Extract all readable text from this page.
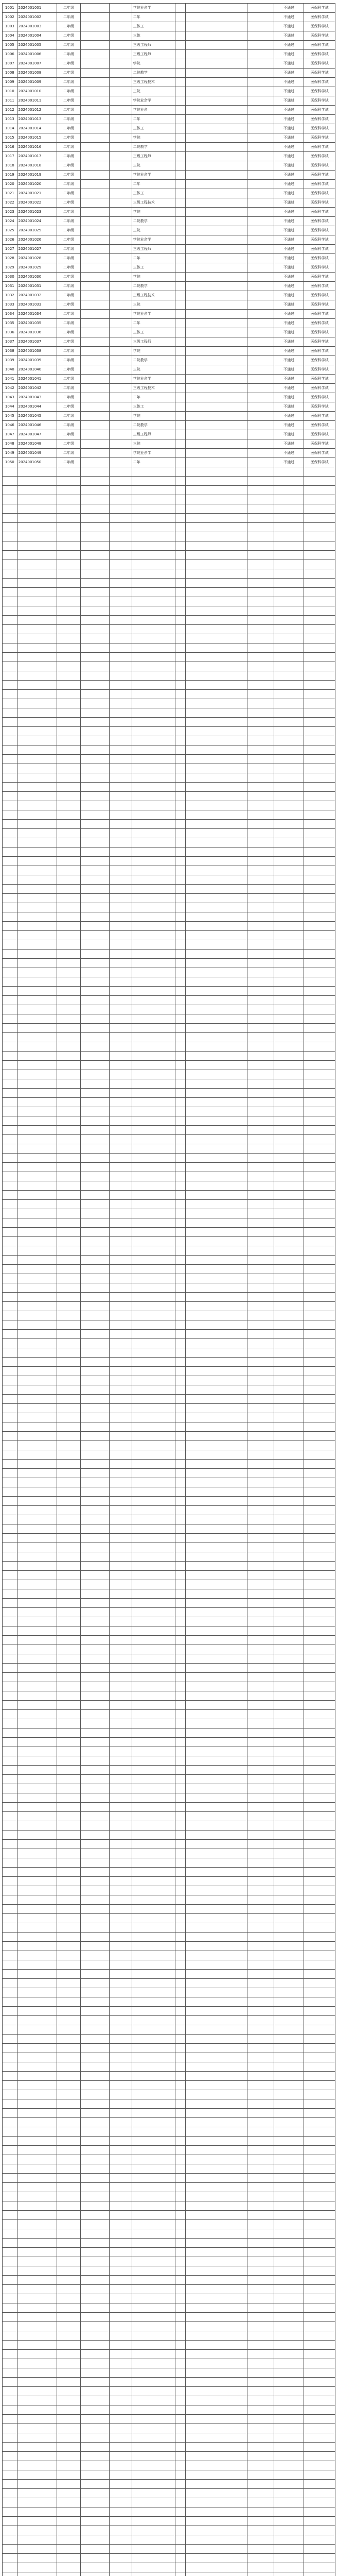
1001	2024001001	二年级			学院业余学				不通过	医保科学试
1002	2024001002	二年级			二年				不通过	医保科学试
1003	2024001003	二年级			三体工				不通过	医保科学试
1004	2024001004	二年级			三体				不通过	医保科学试
1005	2024001005	二年级			三级工程师				不通过	医保科学试
1006	2024001006	二年级			三级工程师				不通过	医保科学试
1007	2024001007	二年级			学院				不通过	医保科学试
1008	2024001008	二年级			二院教学				不通过	医保科学试
1009	2024001009	二年级			三级工程技术				不通过	医保科学试
1010	2024001010	二年级			三院				不通过	医保科学试
1011	2024001011	二年级			学院业余学				不通过	医保科学试
1012	2024001012	二年级			学院业余				不通过	医保科学试
1013	2024001013	二年级			二年				不通过	医保科学试
1014	2024001014	二年级			三体工				不通过	医保科学试
1015	2024001015	二年级			学院				不通过	医保科学试
1016	2024001016	二年级			二院教学				不通过	医保科学试
1017	2024001017	二年级			三级工程师				不通过	医保科学试
1018	2024001018	二年级			三院				不通过	医保科学试
1019	2024001019	二年级			学院业余学				不通过	医保科学试
1020	2024001020	二年级			二年				不通过	医保科学试
1021	2024001021	二年级			三体工				不通过	医保科学试
1022	2024001022	二年级			三级工程技术				不通过	医保科学试
1023	2024001023	二年级			学院				不通过	医保科学试
1024	2024001024	二年级			二院教学				不通过	医保科学试
1025	2024001025	二年级			三院				不通过	医保科学试
1026	2024001026	二年级			学院业余学				不通过	医保科学试
1027	2024001027	二年级			三级工程师				不通过	医保科学试
1028	2024001028	二年级			二年				不通过	医保科学试
1029	2024001029	二年级			三体工				不通过	医保科学试
1030	2024001030	二年级			学院				不通过	医保科学试
1031	2024001031	二年级			二院教学				不通过	医保科学试
1032	2024001032	二年级			三级工程技术				不通过	医保科学试
1033	2024001033	二年级			三院				不通过	医保科学试
1034	2024001034	二年级			学院业余学				不通过	医保科学试
1035	2024001035	二年级			二年				不通过	医保科学试
1036	2024001036	二年级			三体工				不通过	医保科学试
1037	2024001037	二年级			三级工程师				不通过	医保科学试
1038	2024001038	二年级			学院				不通过	医保科学试
1039	2024001039	二年级			二院教学				不通过	医保科学试
1040	2024001040	二年级			三院				不通过	医保科学试
1041	2024001041	二年级			学院业余学				不通过	医保科学试
1042	2024001042	二年级			三级工程技术				不通过	医保科学试
1043	2024001043	二年级			二年				不通过	医保科学试
1044	2024001044	二年级			三体工				不通过	医保科学试
1045	2024001045	二年级			学院				不通过	医保科学试
1046	2024001046	二年级			二院教学				不通过	医保科学试
1047	2024001047	二年级			三级工程师				不通过	医保科学试
1048	2024001048	二年级			三院				不通过	医保科学试
1049	2024001049	二年级			学院业余学				不通过	医保科学试
1050	2024001050	二年级			二年				不通过	医保科学试
